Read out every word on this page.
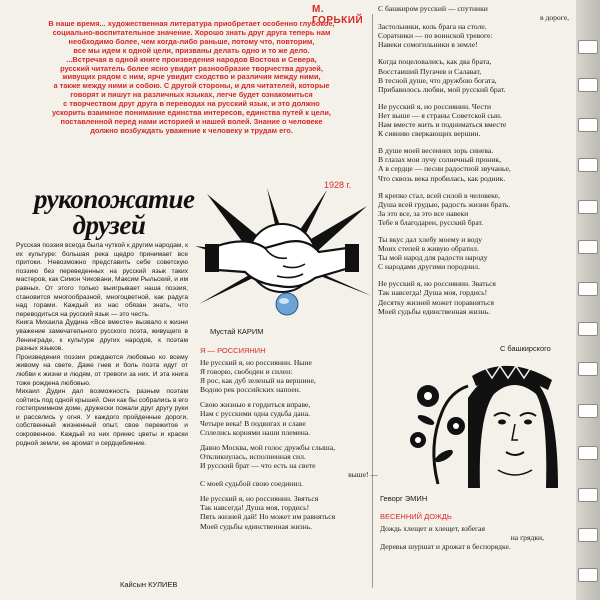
М. ГОРЬКИЙ
В наше время... художественная литература приобретает особенно глубокое,
социально-воспитательное значение. Хорошо знать друг друга теперь нам
необходимо более, чем когда-либо раньше, потому что, повторим,
все мы идем к одной цели, призваны делать одно и то же дело.
...Встречая в одной книге произведения народов Востока и Севера,
русский читатель более ясно увидит разнообразие творчества друзей,
живущих рядом с ним, ярче увидит сходство и различия между ними,
а также между ними и собою. С другой стороны, и для читателей, которые
говорят и пишут на различных языках, легче будет ознакомиться
с творчеством друг друга в переводах на русский язык, и это должно
ускорить взаимное понимание единства интересов, единства путей к цели,
поставленной перед нами историей и нашей волей. Знание о человеке
должно возбуждать уважение к человеку и трудам его.
1928 г.
рукопожатие
друзей

Русская поэзия всегда была чуткой к другим народам, к их культуре: большая река щедро принимает все притоки. Невозможно представить себе советскую поэзию без переведенных на русский язык таких мастеров, как Симон Чиковани, Максим Рыльский, и им равных. От этого только выигрывает наша поэзия, становится многообразной, многоцветной, как радуга над горами. Каждый из нас обязан знать, что переводиться на русский язык — это честь.

Книга Михаила Дудина «Все вместе» вызвало к жизни уважение замечательного русского поэта, живущего в Ленинграде, к культуре других народов, к поэтам разных языков.

Произведения поэзии рождаются любовью ко всему живому на свете. Даже гнев и боль поэта идут от любви к жизни и людям, от тревоги за них. И эта книга тоже рождена любовью.

Михаил Дудин дал возможность разным поэтам сойтись под одной крышей. Они как бы собрались в его гостеприимном доме, дружески пожали друг другу руки и расселись у огня. У каждого пройденные дороги, собственный жизненный опыт, свое пережитое и сокровенное. Каждый из них принес цветы и краски родной земли, ее аромат и сердцебиение.

Кайсын КУЛИЕВ
Мустай КАРИМ
Я — РОССИЯНИН
Не русский я, но россиянин. Ныне
Я говорю, свободен и силен:
Я рос, как дуб зеленый на вершине,
Водою рек российских напоен.
Свою жизнью я гордиться вправе,
Нам с русскими одна судьба дана.
Четыре века! В подвигах и славе
Сплелись корнями наши племена.
Давно Москва, мой голос дружбы слыша,
Откликнулась, исполненная сил.
И русский брат — что есть на свете
выше! —
С моей судьбой свою соединил.
Не русский я, но россиянин. Звяться
Так навсегда! Душа моя, гордись!
Пять жизней дай! Но может им равняться
Моей судьбы единственная жизнь.
С башкиром русский — спутники
в дороге,
Застольники, коль брага на столе.
Соратники — по воинской тревоге:
Навеки сомогильники в земле!
Когда поцеловались, как два брата,
Восставший Пугачев и Салават,
В тесной душе, что дружбою богата,
Прибавилось любви, мой русский брат.
Не русский я, но россиянин. Чести
Нет выше — я страны Советской сын.
Нам вместе жить и подниматься вместе
К сиянию сверкающих вершин.
В душе моей весенних зорь синева.
В глазах мои лучу солнечный проник,
А в сердце — песни радостной звучанье,
Что сквозь века пробилась, как родник.
Я крепко стал, всей силой в человеке,
Душа всей грудью, радость жизни брать.
За это все, за это все навеки
Тебе я благодарен, русский брат.
Ты вкус дал хлебу моему и воду
Моих степей в живую обратил.
Ты мой народ для радости народу
С народами другими породнил.
Не русский я, но россиянин. Зваться
Так навсегда! Душа моя, гордись!
Десятку жизней может поравняться
Моей судьбы единственная жизнь.
С башкирского
Геворг ЭМИН
ВЕСЕННИЙ ДОЖДЬ
Дождь хлещет и хлещет, взбегая
на грядки,
Деревья шуршат и дрожат в беспорядке.
